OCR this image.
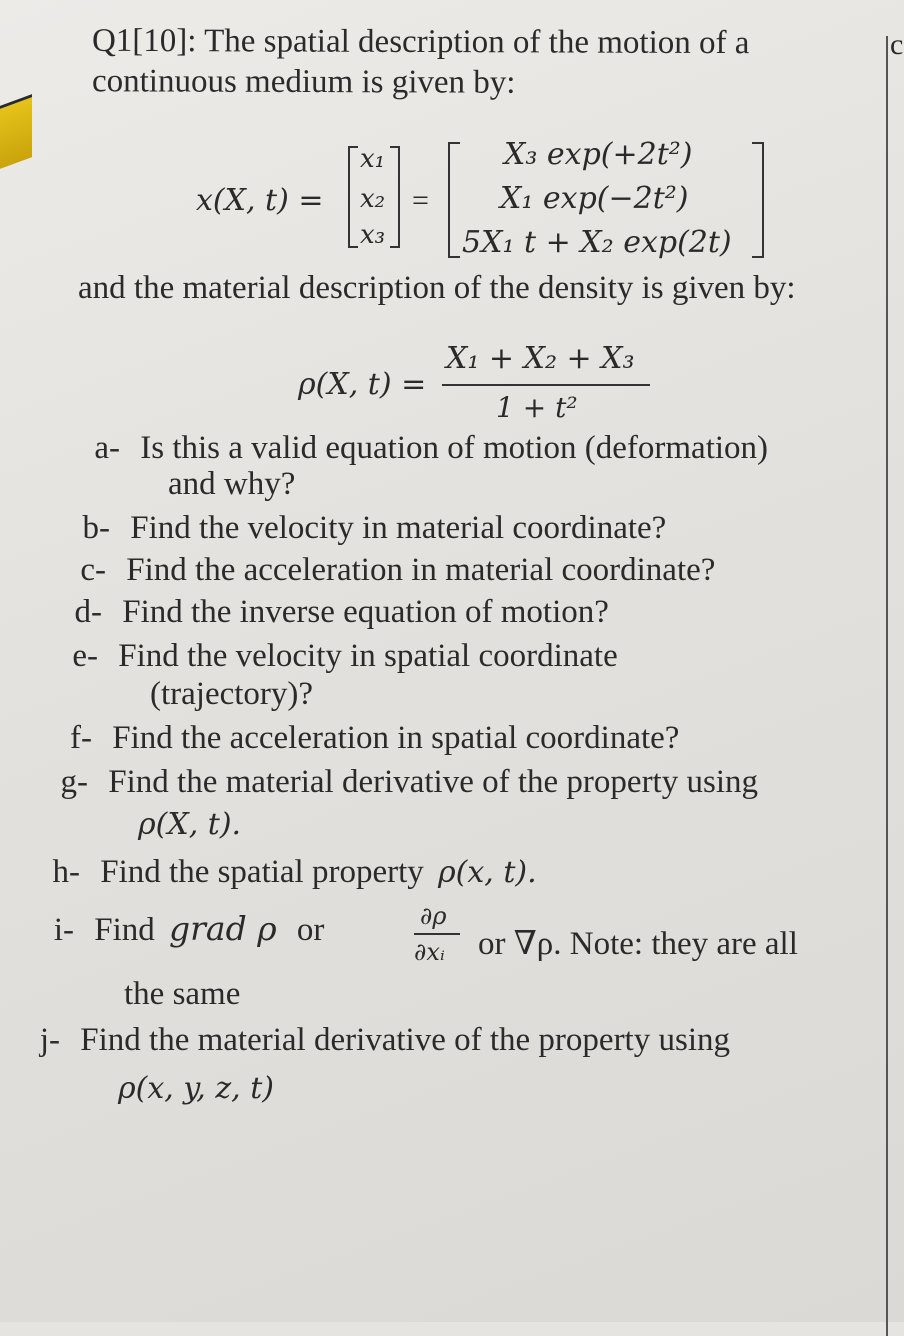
Q1[10]: The spatial description of the motion of a	c
continuous medium is given by:
x(X, t) =
x₁
x₂
x₃
=
X₃ exp(+2t²)
X₁ exp(−2t²)
5X₁ t + X₂ exp(2t)
and the material description of the density is given by:
ρ(X, t) =
X₁ + X₂ + X₃
1 + t²
a- Is this a valid equation of motion (deformation)
and why?
b- Find the velocity in material coordinate?
c- Find the acceleration in material coordinate?
d- Find the inverse equation of motion?
e- Find the velocity in spatial coordinate
(trajectory)?
f- Find the acceleration in spatial coordinate?
g- Find the material derivative of the property using
ρ(X, t).
h- Find the spatial property ρ(x, t).
i- Find grad ρ or	∂ρ
∂xᵢ or ∇ρ. Note: they are all
the same
j- Find the material derivative of the property using
ρ(x, y, z, t)
